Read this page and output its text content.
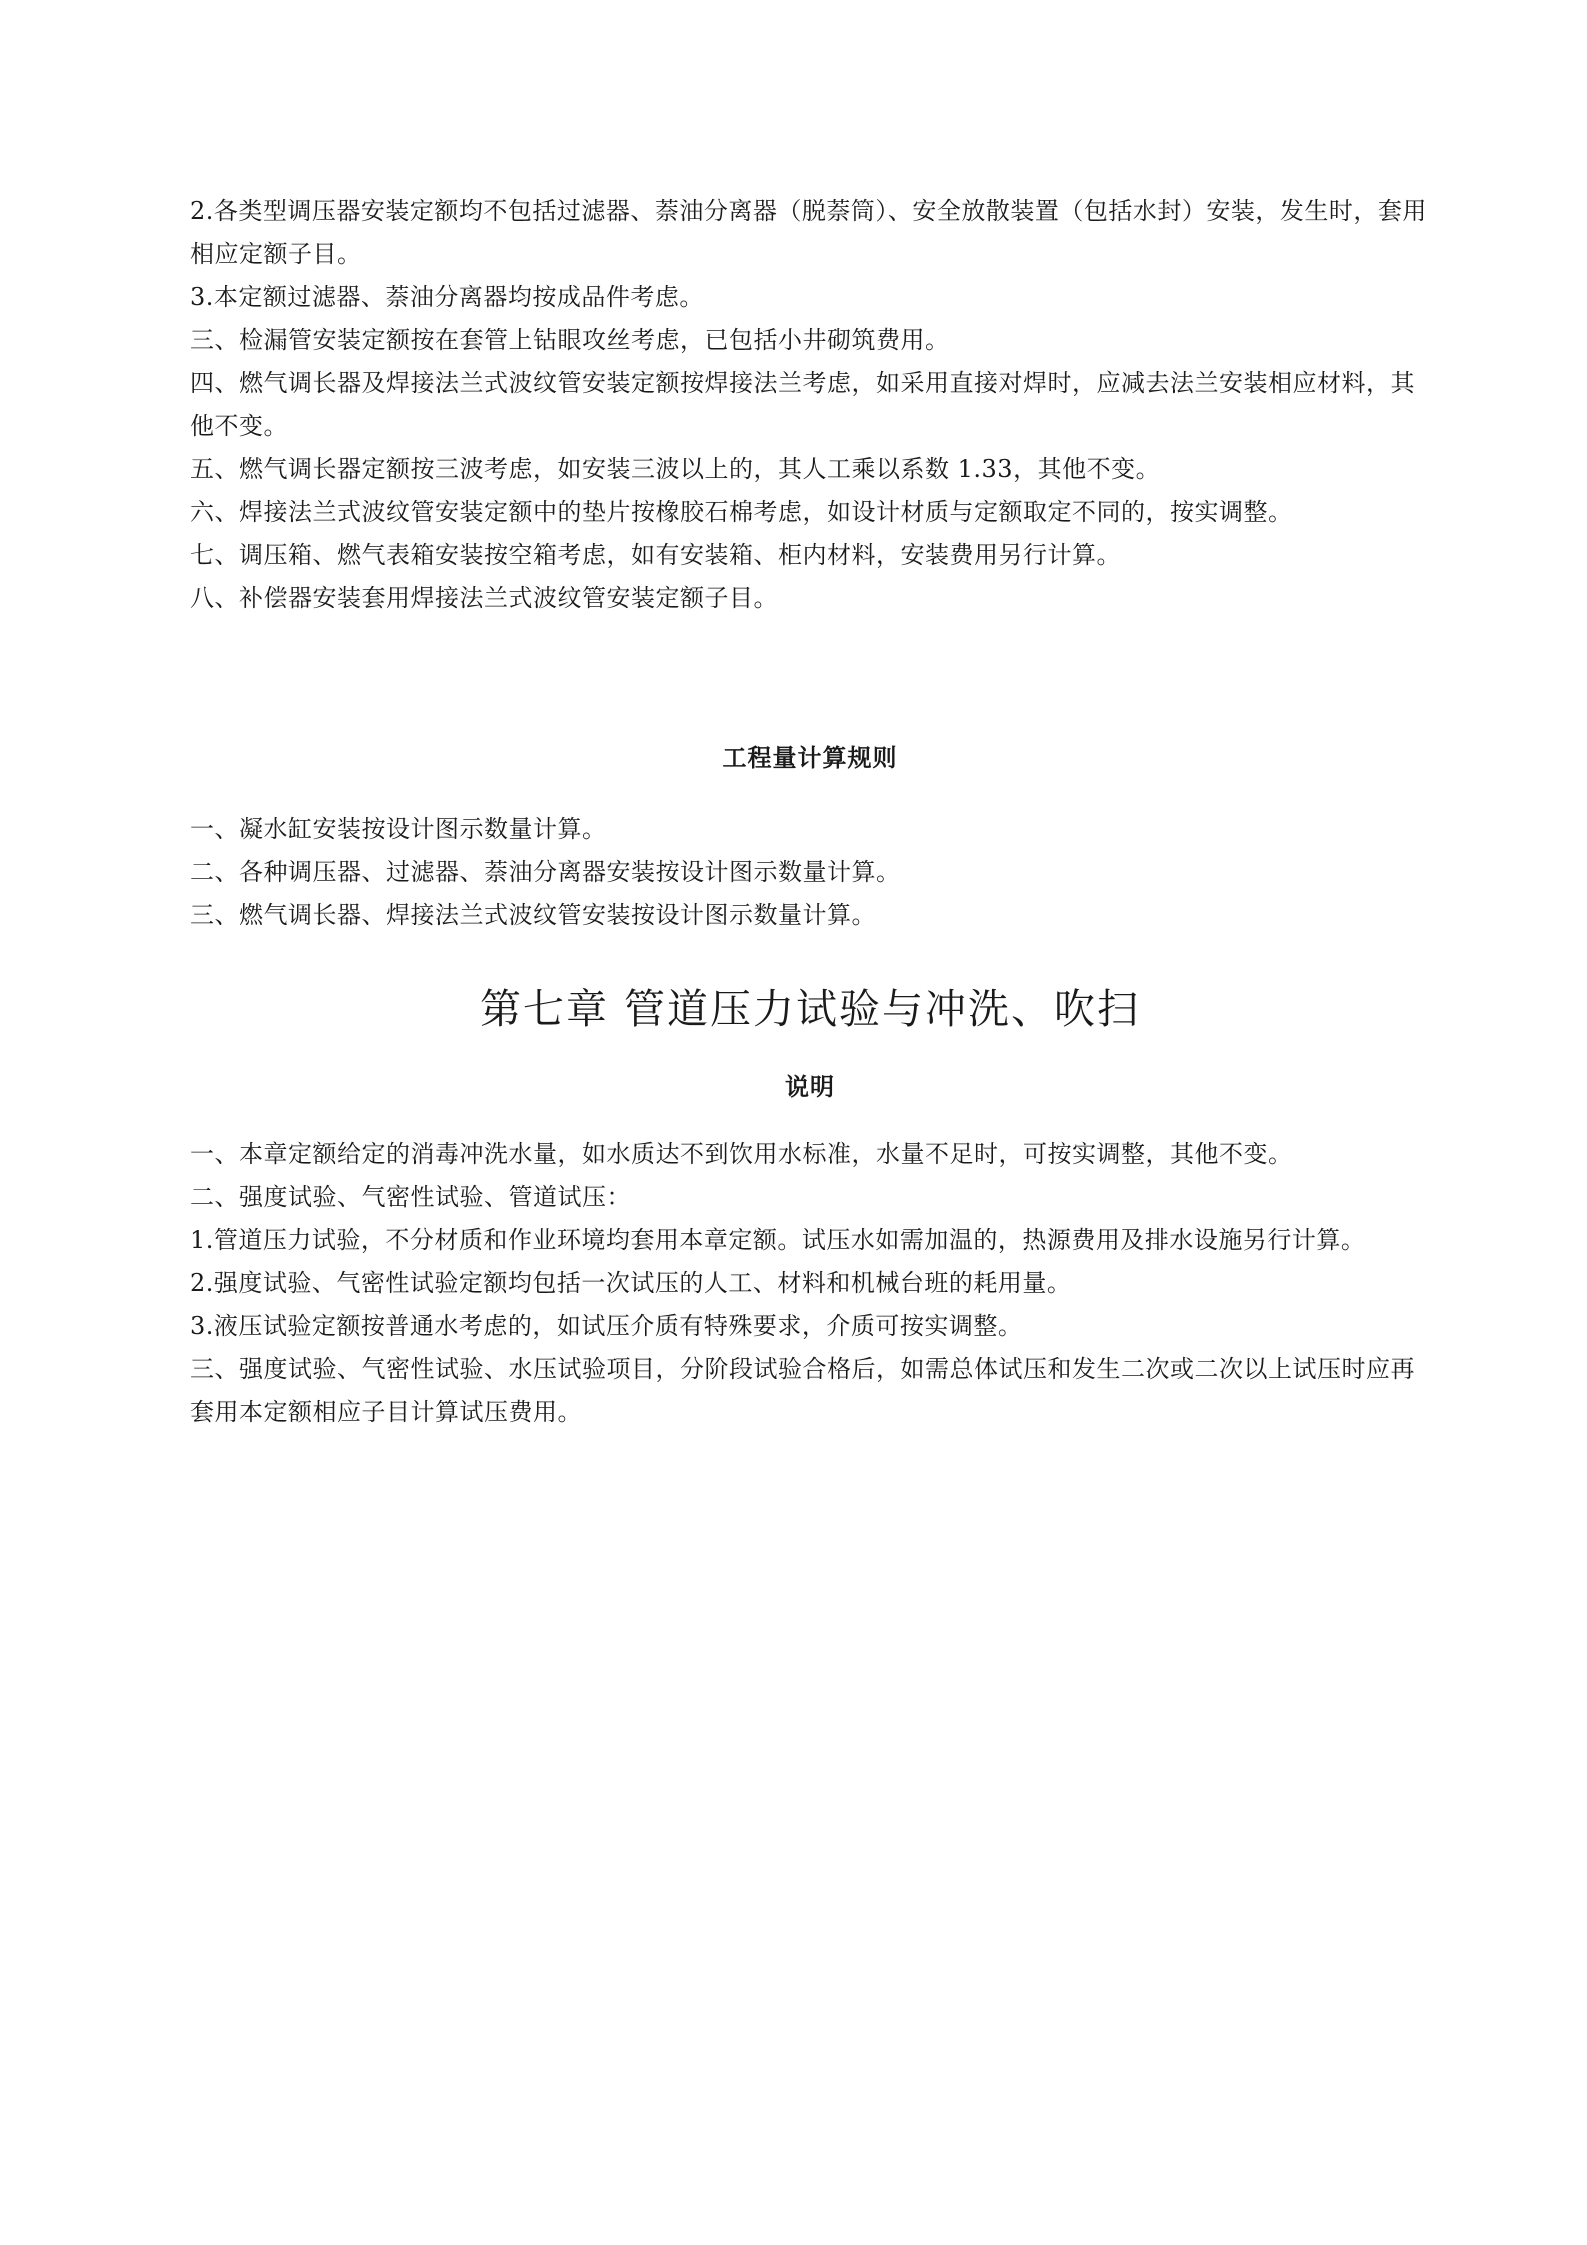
2.各类型调压器安装定额均不包括过滤器、萘油分离器（脱萘筒）、安全放散装置（包括水封）安装，发生时，套用相应定额子目。

3.本定额过滤器、萘油分离器均按成品件考虑。

三、检漏管安装定额按在套管上钻眼攻丝考虑，已包括小井砌筑费用。

四、燃气调长器及焊接法兰式波纹管安装定额按焊接法兰考虑，如采用直接对焊时，应减去法兰安装相应材料，其他不变。

五、燃气调长器定额按三波考虑，如安装三波以上的，其人工乘以系数 1.33，其他不变。

六、焊接法兰式波纹管安装定额中的垫片按橡胶石棉考虑，如设计材质与定额取定不同的，按实调整。

七、调压箱、燃气表箱安装按空箱考虑，如有安装箱、柜内材料，安装费用另行计算。

八、补偿器安装套用焊接法兰式波纹管安装定额子目。

工程量计算规则

一、凝水缸安装按设计图示数量计算。

二、各种调压器、过滤器、萘油分离器安装按设计图示数量计算。

三、燃气调长器、焊接法兰式波纹管安装按设计图示数量计算。

第七章 管道压力试验与冲洗、吹扫
说明

一、本章定额给定的消毒冲洗水量，如水质达不到饮用水标准，水量不足时，可按实调整，其他不变。

二、强度试验、气密性试验、管道试压：

1.管道压力试验，不分材质和作业环境均套用本章定额。试压水如需加温的，热源费用及排水设施另行计算。

2.强度试验、气密性试验定额均包括一次试压的人工、材料和机械台班的耗用量。

3.液压试验定额按普通水考虑的，如试压介质有特殊要求，介质可按实调整。

三、强度试验、气密性试验、水压试验项目，分阶段试验合格后，如需总体试压和发生二次或二次以上试压时应再套用本定额相应子目计算试压费用。
